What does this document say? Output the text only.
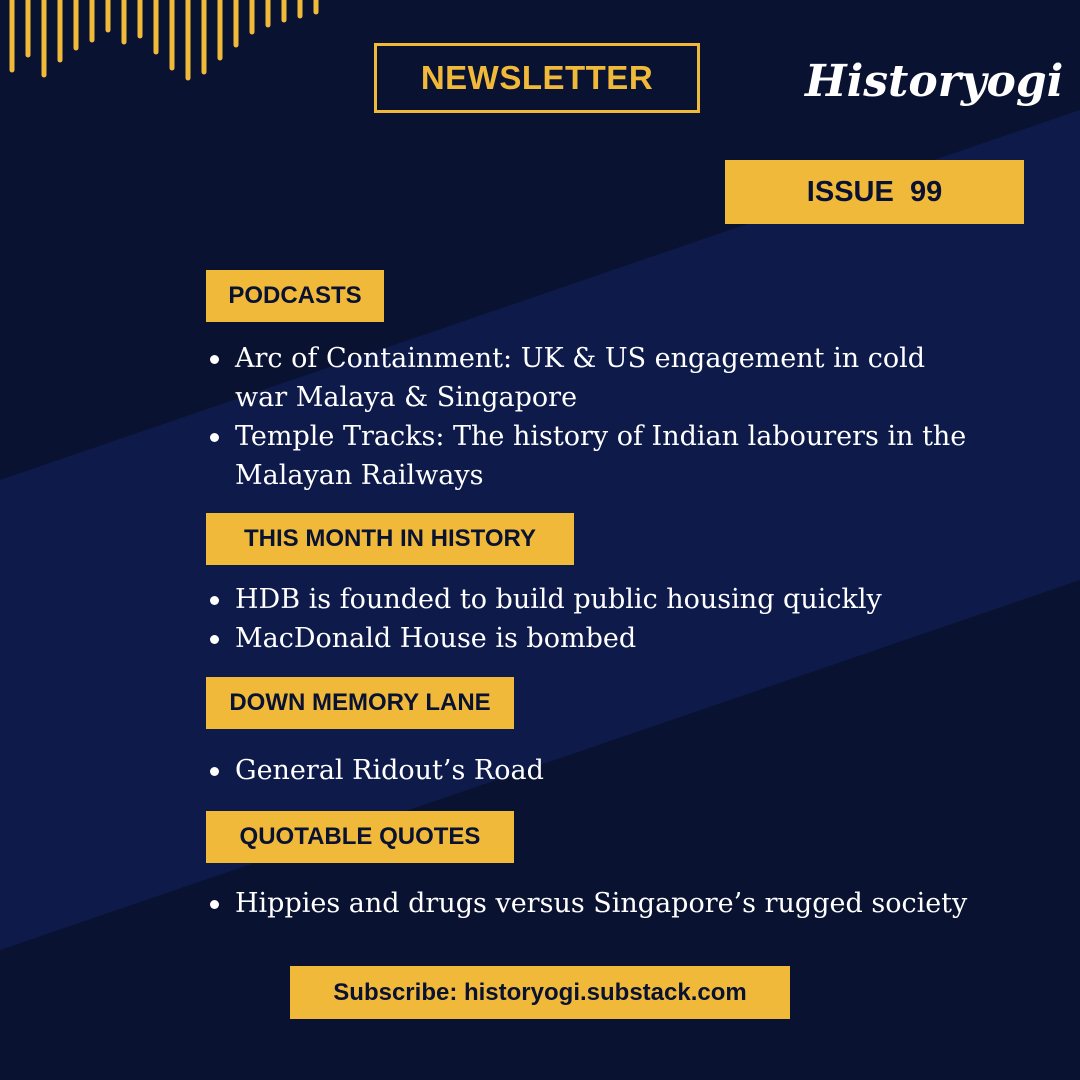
NEWSLETTER	Historyogi
ISSUE  99
PODCASTS
Arc of Containment: UK & US engagement in cold war Malaya & Singapore
Temple Tracks: The history of Indian labourers in the Malayan Railways
THIS MONTH IN HISTORY
HDB is founded to build public housing quickly
MacDonald House is bombed
DOWN MEMORY LANE
General Ridout’s Road
QUOTABLE QUOTES
Hippies and drugs versus Singapore’s rugged society
Subscribe: historyogi.substack.com
